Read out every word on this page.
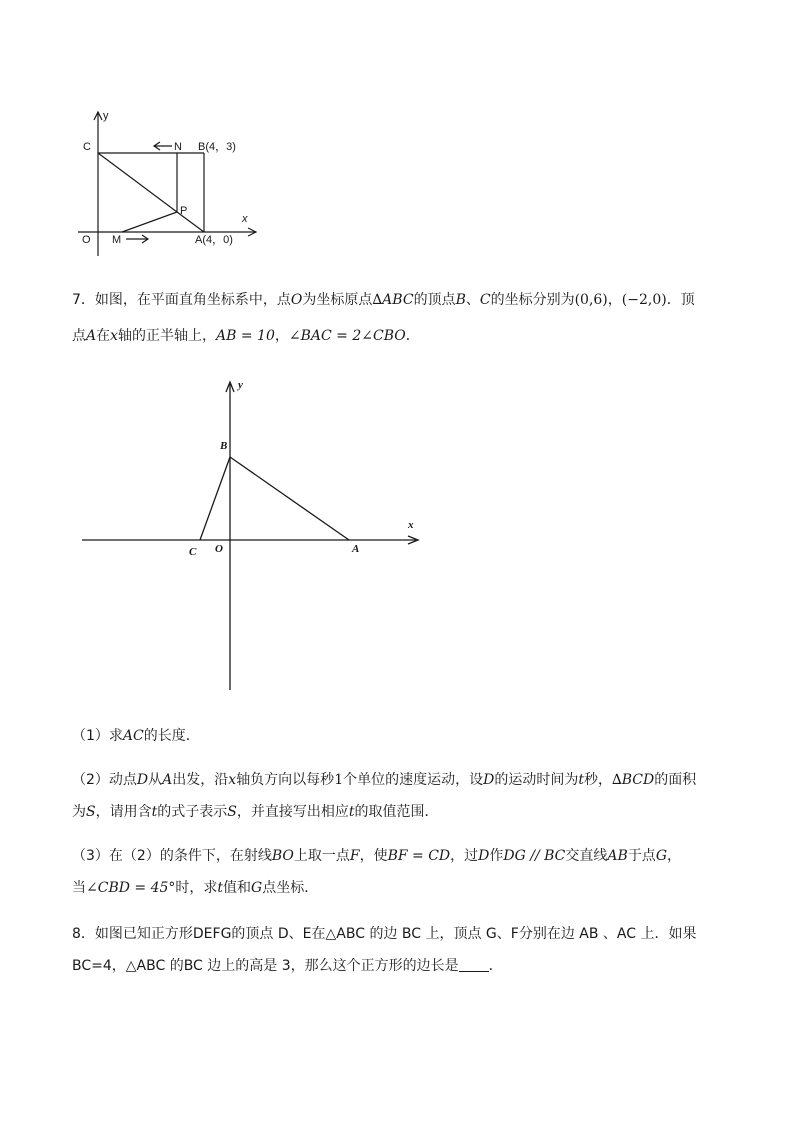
y
x
C	N B(4，3)
P
O M	A(4，0)
7．如图，在平面直角坐标系中，点O为坐标原点∆ABC的顶点B、C的坐标分别为(0,6)，(−2,0)．顶
点A在x轴的正半轴上，AB = 10，∠BAC = 2∠CBO．
y
x
B
C O	A
（1）求AC的长度．
（2）动点D从A出发，沿x轴负方向以每秒1个单位的速度运动，设D的运动时间为t秒，∆BCD的面积
为S，请用含t的式子表示S，并直接写出相应t的取值范围．
（3）在（2）的条件下，在射线BO上取一点F，使BF = CD，过D作DG // BC交直线AB于点G，
当∠CBD = 45°时，求t值和G点坐标．
8．如图已知正方形DEFG的顶点 D、E在△ABC 的边 BC 上，顶点 G、F分别在边 AB 、AC 上．如果
BC=4，△ABC 的BC 边上的高是 3，那么这个正方形的边长是 ．
